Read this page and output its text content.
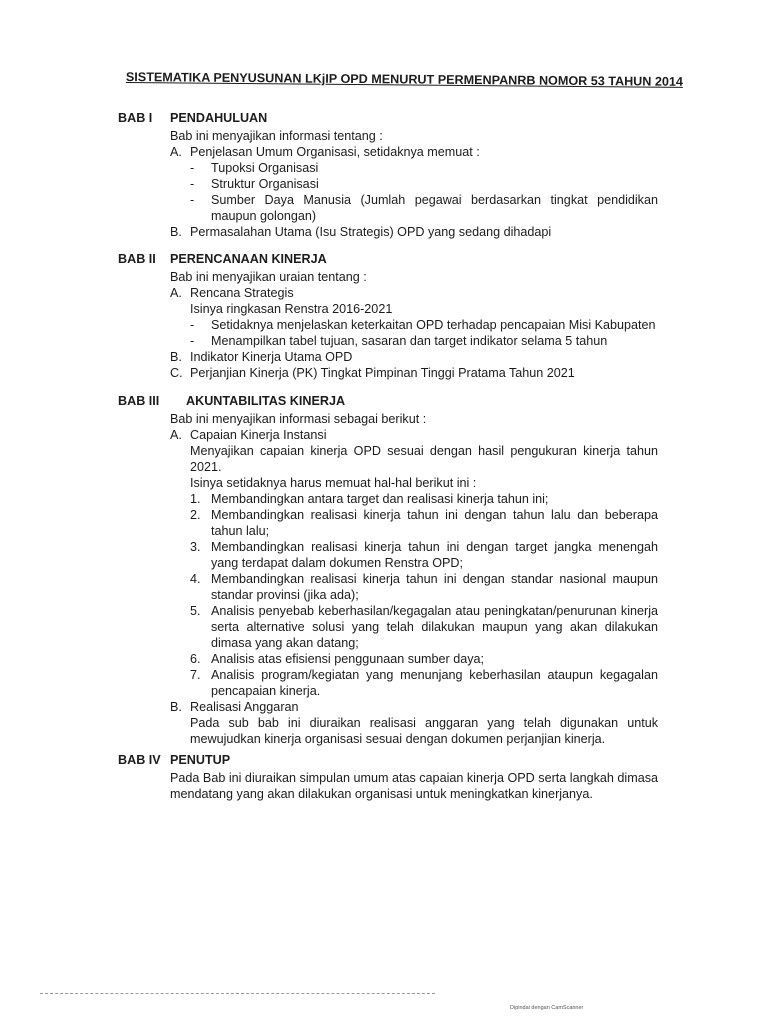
SISTEMATIKA PENYUSUNAN LKjIP OPD MENURUT PERMENPANRB NOMOR 53 TAHUN 2014
BAB I PENDAHULUAN
Bab ini menyajikan informasi tentang :
A. Penjelasan Umum Organisasi, setidaknya memuat :
- Tupoksi Organisasi
- Struktur Organisasi
- Sumber Daya Manusia (Jumlah pegawai berdasarkan tingkat pendidikan maupun golongan)
B. Permasalahan Utama (Isu Strategis) OPD yang sedang dihadapi
BAB II PERENCANAAN KINERJA
Bab ini menyajikan uraian tentang :
A. Rencana Strategis
Isinya ringkasan Renstra 2016-2021
- Setidaknya menjelaskan keterkaitan OPD terhadap pencapaian Misi Kabupaten
- Menampilkan tabel tujuan, sasaran dan target indikator selama 5 tahun
B. Indikator Kinerja Utama OPD
C. Perjanjian Kinerja (PK) Tingkat Pimpinan Tinggi Pratama Tahun 2021
BAB III AKUNTABILITAS KINERJA
Bab ini menyajikan informasi sebagai berikut :
A. Capaian Kinerja Instansi
Menyajikan capaian kinerja OPD sesuai dengan hasil pengukuran kinerja tahun 2021.
Isinya setidaknya harus memuat hal-hal berikut ini :
1. Membandingkan antara target dan realisasi kinerja tahun ini;
2. Membandingkan realisasi kinerja tahun ini dengan tahun lalu dan beberapa tahun lalu;
3. Membandingkan realisasi kinerja tahun ini dengan target jangka menengah yang terdapat dalam dokumen Renstra OPD;
4. Membandingkan realisasi kinerja tahun ini dengan standar nasional maupun standar provinsi (jika ada);
5. Analisis penyebab keberhasilan/kegagalan atau peningkatan/penurunan kinerja serta alternative solusi yang telah dilakukan maupun yang akan dilakukan dimasa yang akan datang;
6. Analisis atas efisiensi penggunaan sumber daya;
7. Analisis program/kegiatan yang menunjang keberhasilan ataupun kegagalan pencapaian kinerja.
B. Realisasi Anggaran
Pada sub bab ini diuraikan realisasi anggaran yang telah digunakan untuk mewujudkan kinerja organisasi sesuai dengan dokumen perjanjian kinerja.
BAB IV PENUTUP
Pada Bab ini diuraikan simpulan umum atas capaian kinerja OPD serta langkah dimasa mendatang yang akan dilakukan organisasi untuk meningkatkan kinerjanya.
Dipindai dengan CamScanner
